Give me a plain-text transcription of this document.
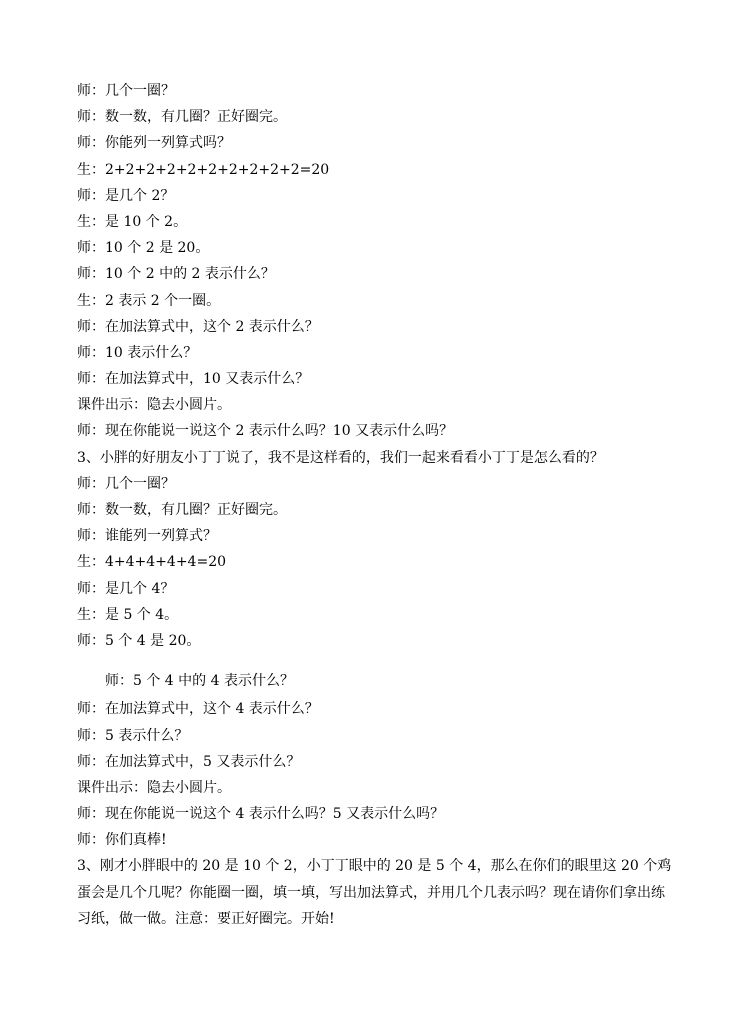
师：几个一圈？
师：数一数，有几圈？正好圈完。
师：你能列一列算式吗？
生：2+2+2+2+2+2+2+2+2+2=20
师：是几个 2？
生：是 10 个 2。
师：10 个 2 是 20。
师：10 个 2 中的 2 表示什么？
生：2 表示 2 个一圈。
师：在加法算式中，这个 2 表示什么？
师：10 表示什么？
师：在加法算式中，10 又表示什么？
课件出示：隐去小圆片。
师：现在你能说一说这个 2 表示什么吗？10 又表示什么吗？
3、小胖的好朋友小丁丁说了，我不是这样看的，我们一起来看看小丁丁是怎么看的？
师：几个一圈？
师：数一数，有几圈？正好圈完。
师：谁能列一列算式？
生：4+4+4+4+4=20
师：是几个 4？
生：是 5 个 4。
师：5 个 4 是 20。
师：5 个 4 中的 4 表示什么？
师：在加法算式中，这个 4 表示什么？
师：5 表示什么？
师：在加法算式中，5 又表示什么？
课件出示：隐去小圆片。
师：现在你能说一说这个 4 表示什么吗？5 又表示什么吗？
师：你们真棒!
3、刚才小胖眼中的 20 是 10 个 2，小丁丁眼中的 20 是 5 个 4，那么在你们的眼里这 20 个鸡蛋会是几个几呢？你能圈一圈，填一填，写出加法算式，并用几个几表示吗？现在请你们拿出练习纸，做一做。注意：要正好圈完。开始!
